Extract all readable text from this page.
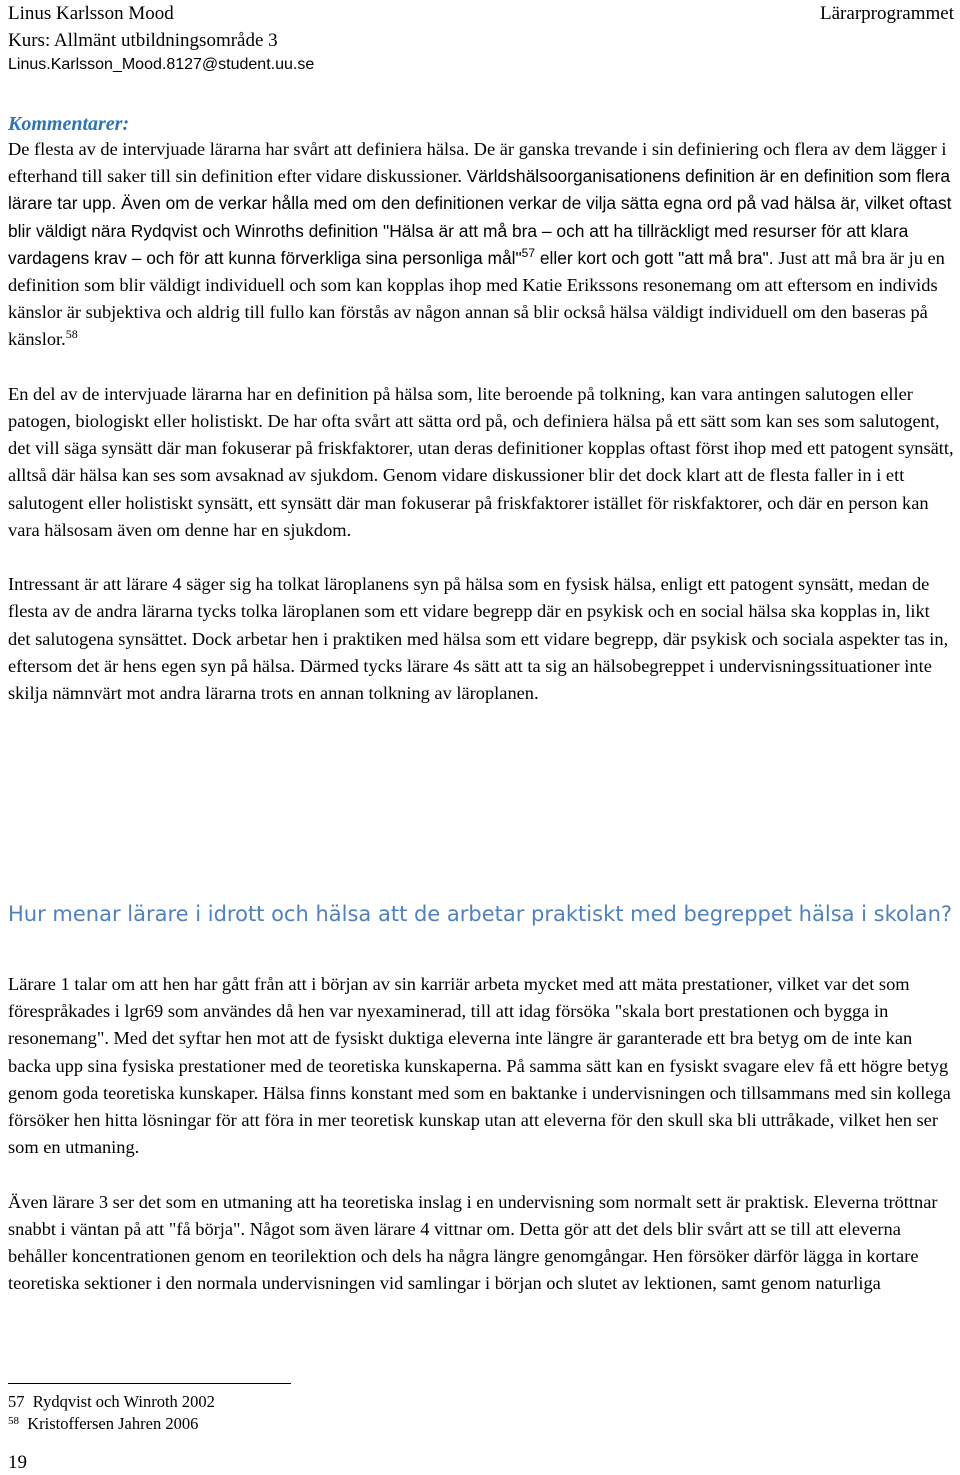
Linus Karlsson Mood
Kurs: Allmänt utbildningsområde 3
Linus.Karlsson_Mood.8127@student.uu.se
Lärarprogrammet
Kommentarer:

De flesta av de intervjuade lärarna har svårt att definiera hälsa. De är ganska trevande i sin definiering och flera av dem lägger i efterhand till saker till sin definition efter vidare diskussioner. Världshälsoorganisationens definition är en definition som flera lärare tar upp. Även om de verkar hålla med om den definitionen verkar de vilja sätta egna ord på vad hälsa är, vilket oftast blir väldigt nära Rydqvist och Winroths definition "Hälsa är att må bra – och att ha tillräckligt med resurser för att klara vardagens krav – och för att kunna förverkliga sina personliga mål"$^{57}$ eller kort och gott "att må bra". Just att må bra är ju en definition som blir väldigt individuell och som kan kopplas ihop med Katie Erikssons resonemang om att eftersom en individs känslor är subjektiva och aldrig till fullo kan förstås av någon annan så blir också hälsa väldigt individuell om den baseras på känslor.$^{58}$

En del av de intervjuade lärarna har en definition på hälsa som, lite beroende på tolkning, kan vara antingen salutogen eller patogen, biologiskt eller holistiskt. De har ofta svårt att sätta ord på, och definiera hälsa på ett sätt som kan ses som salutogent, det vill säga synsätt där man fokuserar på friskfaktorer, utan deras definitioner kopplas oftast först ihop med ett patogent synsätt, alltså där hälsa kan ses som avsaknad av sjukdom. Genom vidare diskussioner blir det dock klart att de flesta faller in i ett salutogent eller holistiskt synsätt, ett synsätt där man fokuserar på friskfaktorer istället för riskfaktorer, och där en person kan vara hälsosam även om denne har en sjukdom.

Intressant är att lärare 4 säger sig ha tolkat läroplanens syn på hälsa som en fysisk hälsa, enligt ett patogent synsätt, medan de flesta av de andra lärarna tycks tolka läroplanen som ett vidare begrepp där en psykisk och en social hälsa ska kopplas in, likt det salutogena synsättet. Dock arbetar hen i praktiken med hälsa som ett vidare begrepp, där psykisk och sociala aspekter tas in, eftersom det är hens egen syn på hälsa. Därmed tycks lärare 4s sätt att ta sig an hälsobegreppet i undervisningssituationer inte skilja nämnvärt mot andra lärarna trots en annan tolkning av läroplanen.

Hur menar lärare i idrott och hälsa att de arbetar praktiskt med begreppet hälsa i skolan?

Lärare 1 talar om att hen har gått från att i början av sin karriär arbeta mycket med att mäta prestationer, vilket var det som förespråkades i lgr69 som användes då hen var nyexaminerad, till att idag försöka "skala bort prestationen och bygga in resonemang". Med det syftar hen mot att de fysiskt duktiga eleverna inte längre är garanterade ett bra betyg om de inte kan backa upp sina fysiska prestationer med de teoretiska kunskaperna. På samma sätt kan en fysiskt svagare elev få ett högre betyg genom goda teoretiska kunskaper. Hälsa finns konstant med som en baktanke i undervisningen och tillsammans med sin kollega försöker hen hitta lösningar för att föra in mer teoretisk kunskap utan att eleverna för den skull ska bli uttråkade, vilket hen ser som en utmaning.

Även lärare 3 ser det som en utmaning att ha teoretiska inslag i en undervisning som normalt sett är praktisk. Eleverna tröttnar snabbt i väntan på att "få börja". Något som även lärare 4 vittnar om. Detta gör att det dels blir svårt att se till att eleverna behåller koncentrationen genom en teorilektion och dels ha några längre genomgångar. Hen försöker därför lägga in kortare teoretiska sektioner i den normala undervisningen vid samlingar i början och slutet av lektionen, samt genom naturliga

57 Rydqvist och Winroth 2002
$^{58}$ Kristoffersen Jahren 2006
19
